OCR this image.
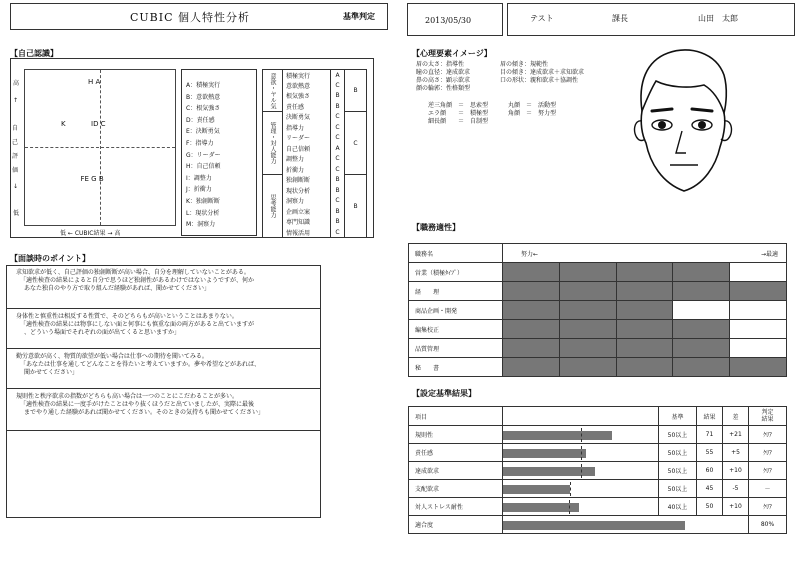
CUBIC 個人特性分析	基準判定	2013/05/30	テスト	課長	山田　太郎
【自己認識】
高
↑
自己評価
↓
低
H A
K	ID C
FE G B
低 ← CUBIC結果 → 高
A：積極実行
B：意欲熱意
C：根気強さ
D：責任感
E：決断勇気
F：指導力
G：リーダー
H：自己信頼
I：調整力
J：折衝力
K：独創断断
L：現状分析
M：洞察力
意欲・ヤル気	積極実行	A	B
	意欲熱意	C	
	根気強さ	B	
	責任感	B	
管理・対人能力	決断勇気	C	C
	指導力	C	
	リーダー	C	
	自己信頼	A	
	調整力	C	
	折衝力	C	
思考能力	独創断断	B	B
	現状分析	B	
	洞察力	C	
	企画立案	B	
	専門知識	B	
	情報活用	C	
【面談時のポイント】
求知欲求が低く、自己評価の独創断断が高い場合、自分を理解していないことがある。
「適性検査の結果によると自分で思うほど独創性があるわけではないようですが、何か
あなた独自のやり方で取り組んだ経験があれば、聞かせてください」
身体性と慎重性は相反する性質で、そのどちらもが高いということはあまりない。
「適性検査の結果には物事にしない面と何事にも慎重な面の両方があると出ていますが
、どういう場面でそれぞれの面が出てくると思いますか」
勤労意欲が高く、物質的欲望が低い場合は仕事への期待を聞いてみる。
「あなたは仕事を通してどんなことを得たいと考えていますか。夢や希望などがあれば、
聞かせてください」
規則性と秩序欲求の指数がどちらも高い場合は一つのことにこだわることが多い。
「適性検査の結果に一度手がけたことはやり抜くほうだと出ていましたが、実際に最後
までやり通した経験があれば聞かせてください。そのときの気持ちも聞かせてください」
【心理要素イメージ】
眉の太さ：指導性
瞳の直径：達成欲求
鼻の高さ：顕示欲求
顔の輪郭：性格類型
眉の傾き：規範性
目の傾き：達成欲求＋求知欲求
口の形状：親和欲求＋協調性
逆三角顔 ＝ 思索型	丸顔 ＝ 活動型
エラ顔 ＝ 積極型	角顔 ＝ 努力型
細長顔 ＝ 自制型
【職務適性】
職務名	努力← →最適				

営業（積極ﾀｲﾌﾟ）					
経　　理					
商品企画・開発					
編集校正					
品質管理					
秘　　書					
【設定基準結果】
項目		基準	結果	差	判定
結果

規則性		50以上	71	+21	ｸﾘｱ
責任感		50以上	55	+5	ｸﾘｱ
達成欲求		50以上	60	+10	ｸﾘｱ
支配欲求		50以上	45	-5	－
対人ストレス耐性		40以上	50	+10	ｸﾘｱ
適合度					80%
